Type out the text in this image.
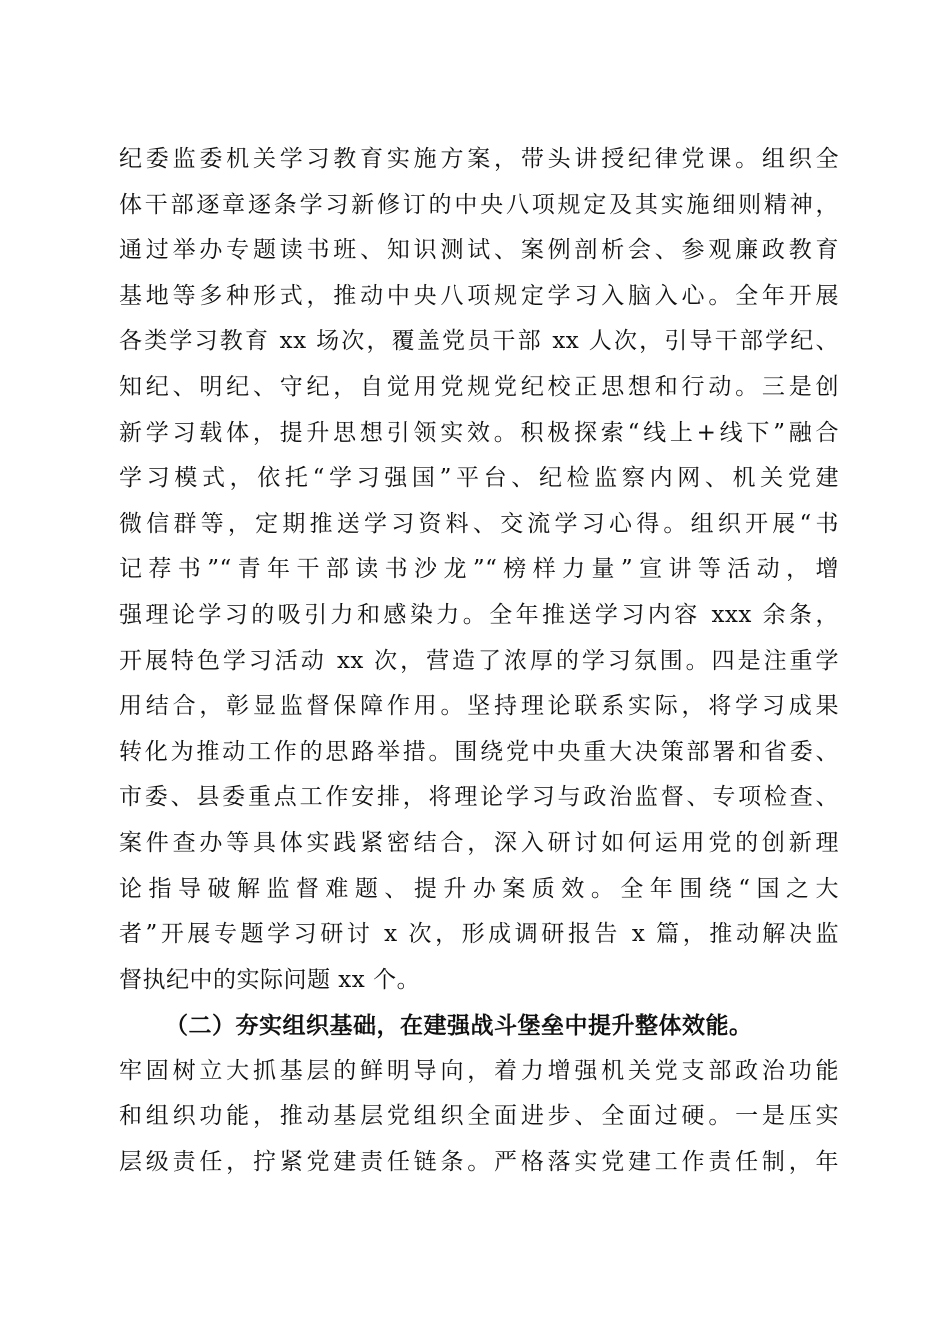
纪委监委机关学习教育实施方案，带头讲授纪律党课。组织全
体干部逐章逐条学习新修订的中央八项规定及其实施细则精神，
通过举办专题读书班、知识测试、案例剖析会、参观廉政教育
基地等多种形式，推动中央八项规定学习入脑入心。全年开展
各类学习教育 xx 场次，覆盖党员干部 xx 人次，引导干部学纪、
知纪、明纪、守纪，自觉用党规党纪校正思想和行动。三是创
新学习载体，提升思想引领实效。积极探索“线上+线下”融合
学习模式，依托“学习强国”平台、纪检监察内网、机关党建
微信群等，定期推送学习资料、交流学习心得。组织开展“书
记荐书”“青年干部读书沙龙”“榜样力量”宣讲等活动，增
强理论学习的吸引力和感染力。全年推送学习内容 xxx 余条，
开展特色学习活动 xx 次，营造了浓厚的学习氛围。四是注重学
用结合，彰显监督保障作用。坚持理论联系实际，将学习成果
转化为推动工作的思路举措。围绕党中央重大决策部署和省委、
市委、县委重点工作安排，将理论学习与政治监督、专项检查、
案件查办等具体实践紧密结合，深入研讨如何运用党的创新理
论指导破解监督难题、提升办案质效。全年围绕“国之大
者”开展专题学习研讨 x 次，形成调研报告 x 篇，推动解决监
督执纪中的实际问题 xx 个。
（二）夯实组织基础，在建强战斗堡垒中提升整体效能。
牢固树立大抓基层的鲜明导向，着力增强机关党支部政治功能
和组织功能，推动基层党组织全面进步、全面过硬。一是压实
层级责任，拧紧党建责任链条。严格落实党建工作责任制，年
